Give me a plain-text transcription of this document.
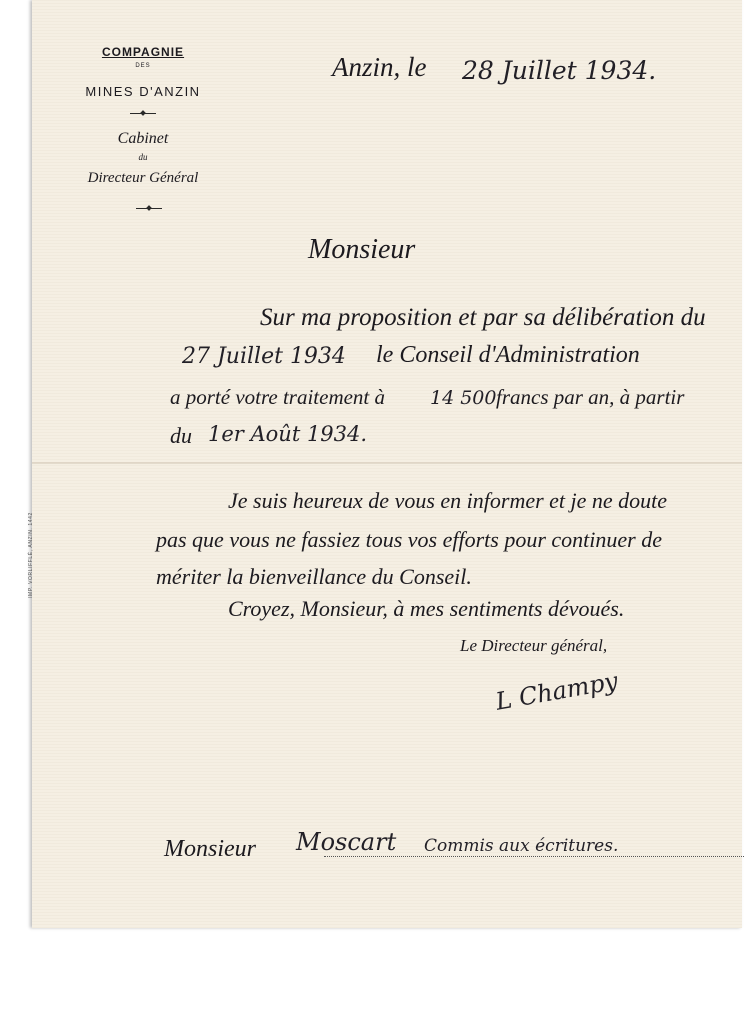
COMPAGNIE
DES
MINES D'ANZIN
Cabinet
du
Directeur Général
Anzin, le 28 Juillet 1934.
Monsieur
Sur ma proposition et par sa délibération du
27 Juillet 1934 le Conseil d'Administration
a porté votre traitement à 14 500 francs par an, à partir
du 1er Août 1934.
Je suis heureux de vous en informer et je ne doute
pas que vous ne fassiez tous vos efforts pour continuer de
mériter la bienveillance du Conseil.
Croyez, Monsieur, à mes sentiments dévoués.
Le Directeur général,
L Champy
Monsieur Moscart Commis aux écritures.
IMP. VORLIFFLÉ, ANZIN. 1442
